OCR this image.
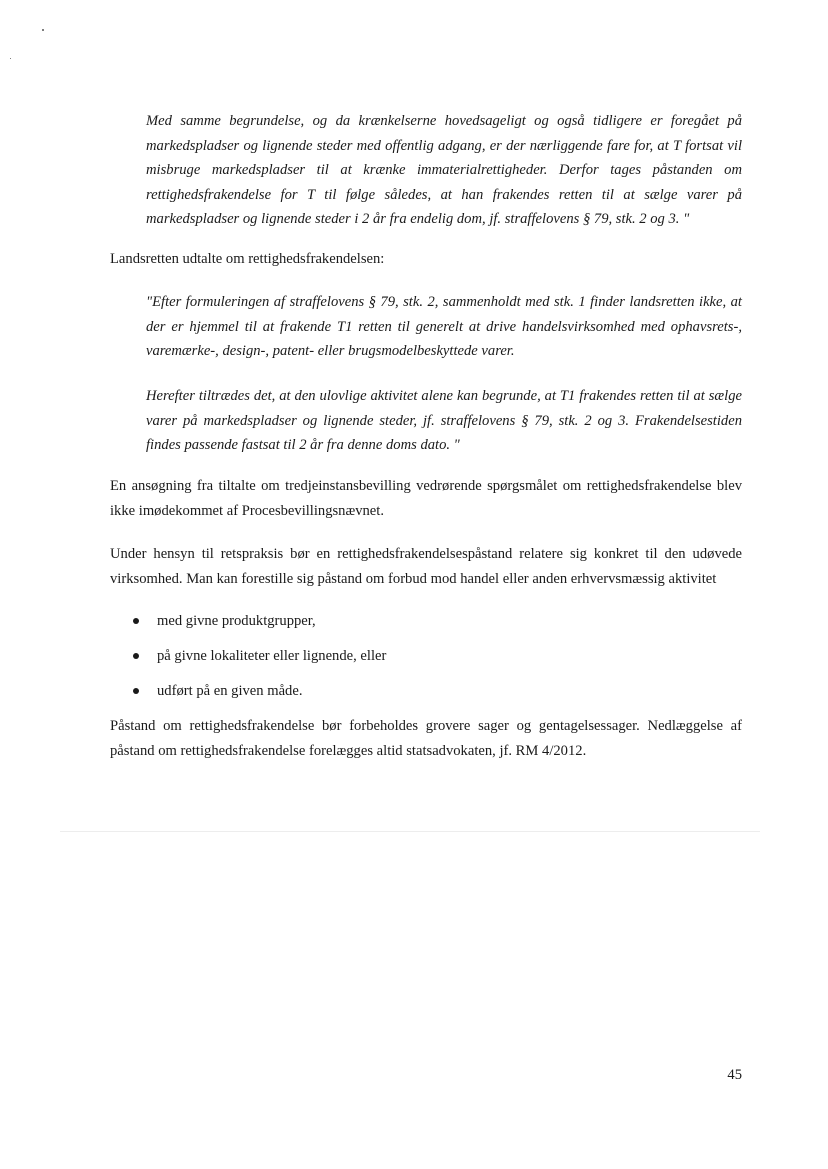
Med samme begrundelse, og da krænkelserne hovedsageligt og også tidligere er foregået på markedspladser og lignende steder med offentlig adgang, er der nærliggende fare for, at T fortsat vil misbruge markedspladser til at krænke immaterialrettigheder. Derfor tages påstanden om rettighedsfrakendelse for T til følge således, at han frakendes retten til at sælge varer på markedspladser og lignende steder i 2 år fra endelig dom, jf. straffelovens § 79, stk. 2 og 3. "

Landsretten udtalte om rettighedsfrakendelsen:

"Efter formuleringen af straffelovens § 79, stk. 2, sammenholdt med stk. 1 finder landsretten ikke, at der er hjemmel til at frakende T1 retten til generelt at drive handelsvirksomhed med ophavsrets-, varemærke-, design-, patent- eller brugsmodelbeskyttede varer.

Herefter tiltrædes det, at den ulovlige aktivitet alene kan begrunde, at T1 frakendes retten til at sælge varer på markedspladser og lignende steder, jf. straffelovens § 79, stk. 2 og 3. Frakendelsestiden findes passende fastsat til 2 år fra denne doms dato. "

En ansøgning fra tiltalte om tredjeinstansbevilling vedrørende spørgsmålet om rettighedsfrakendelse blev ikke imødekommet af Procesbevillingsnævnet.

Under hensyn til retspraksis bør en rettighedsfrakendelsespåstand relatere sig konkret til den udøvede virksomhed. Man kan forestille sig påstand om forbud mod handel eller anden erhvervsmæssig aktivitet

med givne produktgrupper,
på givne lokaliteter eller lignende, eller
udført på en given måde.

Påstand om rettighedsfrakendelse bør forbeholdes grovere sager og gentagelsessager. Nedlæggelse af påstand om rettighedsfrakendelse forelægges altid statsadvokaten, jf. RM 4/2012.

45
